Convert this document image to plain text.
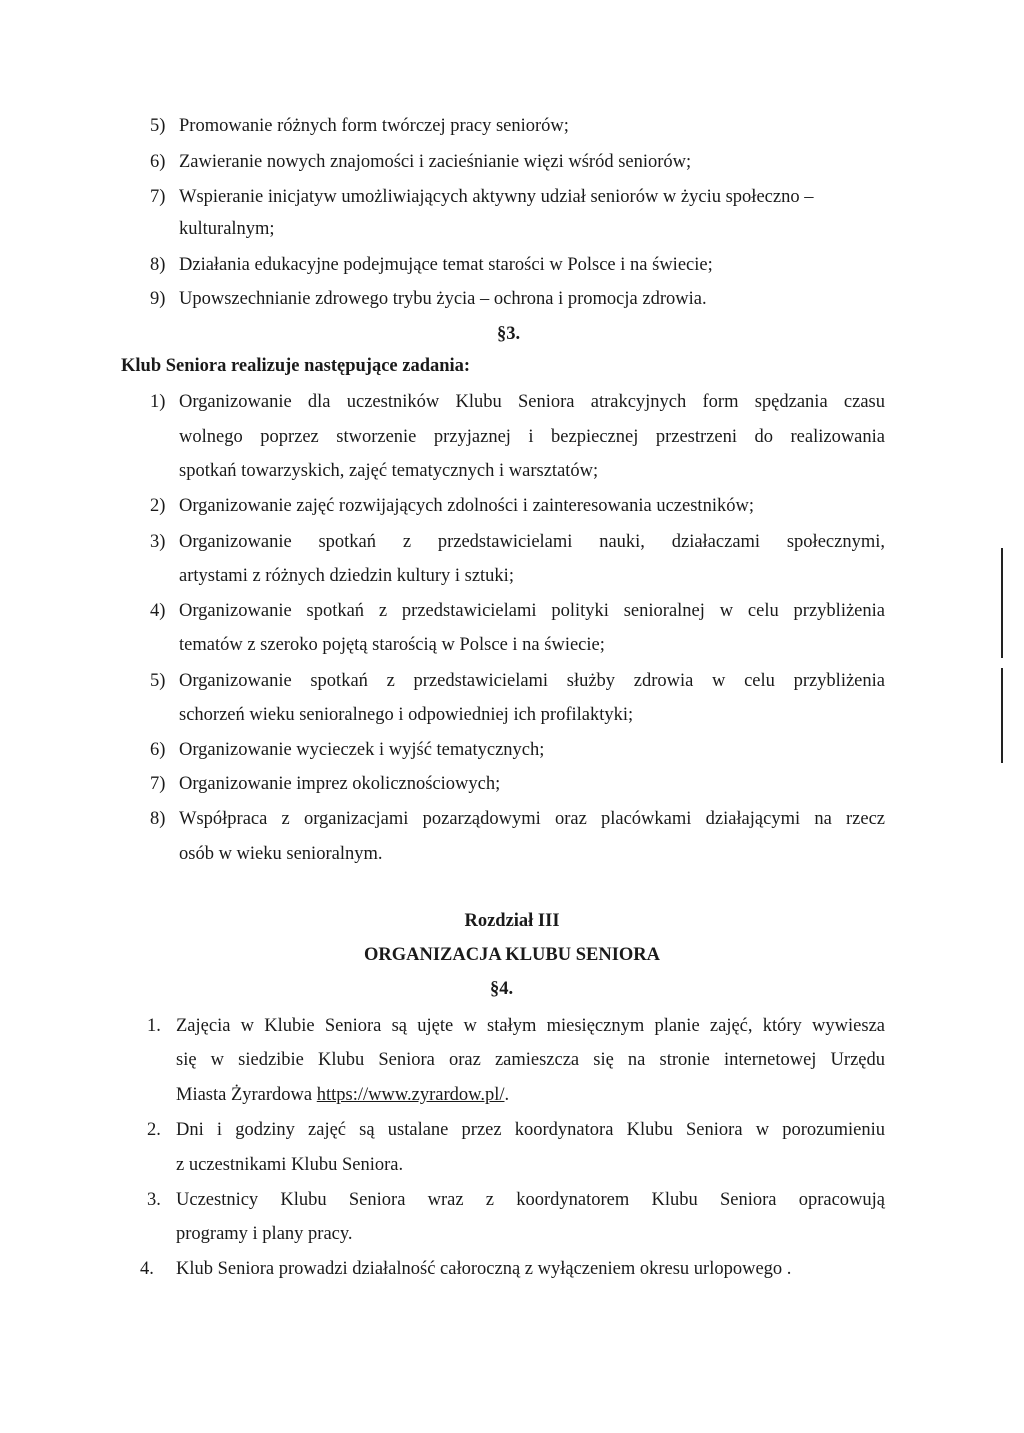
5) Promowanie różnych form twórczej pracy seniorów;
6) Zawieranie nowych znajomości i zacieśnianie więzi wśród seniorów;
7) Wspieranie inicjatyw umożliwiających aktywny udział seniorów w życiu społeczno –
kulturalnym;
8) Działania edukacyjne podejmujące temat starości w Polsce i na świecie;
9) Upowszechnianie zdrowego trybu życia – ochrona i promocja zdrowia.
§3.
Klub Seniora realizuje następujące zadania:
1) Organizowanie dla uczestników Klubu Seniora atrakcyjnych form spędzania czasu
wolnego poprzez stworzenie przyjaznej i bezpiecznej przestrzeni do realizowania
spotkań towarzyskich, zajęć tematycznych i warsztatów;
2) Organizowanie zajęć rozwijających zdolności i zainteresowania uczestników;
3) Organizowanie spotkań z przedstawicielami nauki, działaczami społecznymi,
artystami z różnych dziedzin kultury i sztuki;
4) Organizowanie spotkań z przedstawicielami polityki senioralnej w celu przybliżenia
tematów z szeroko pojętą starością w Polsce i na świecie;
5) Organizowanie spotkań z przedstawicielami służby zdrowia w celu przybliżenia
schorzeń wieku senioralnego i odpowiedniej ich profilaktyki;
6) Organizowanie wycieczek i wyjść tematycznych;
7) Organizowanie imprez okolicznościowych;
8) Współpraca z organizacjami pozarządowymi oraz placówkami działającymi na rzecz
osób w wieku senioralnym.
Rozdział III
ORGANIZACJA KLUBU SENIORA
§4.
1. Zajęcia w Klubie Seniora są ujęte w stałym miesięcznym planie zajęć, który wywiesza
się w siedzibie Klubu Seniora oraz zamieszcza się na stronie internetowej Urzędu
Miasta Żyrardowa https://www.zyrardow.pl/.
2. Dni i godziny zajęć są ustalane przez koordynatora Klubu Seniora w porozumieniu
z uczestnikami Klubu Seniora.
3. Uczestnicy Klubu Seniora wraz z koordynatorem Klubu Seniora opracowują
programy i plany pracy.
4. Klub Seniora prowadzi działalność całoroczną z wyłączeniem okresu urlopowego .
